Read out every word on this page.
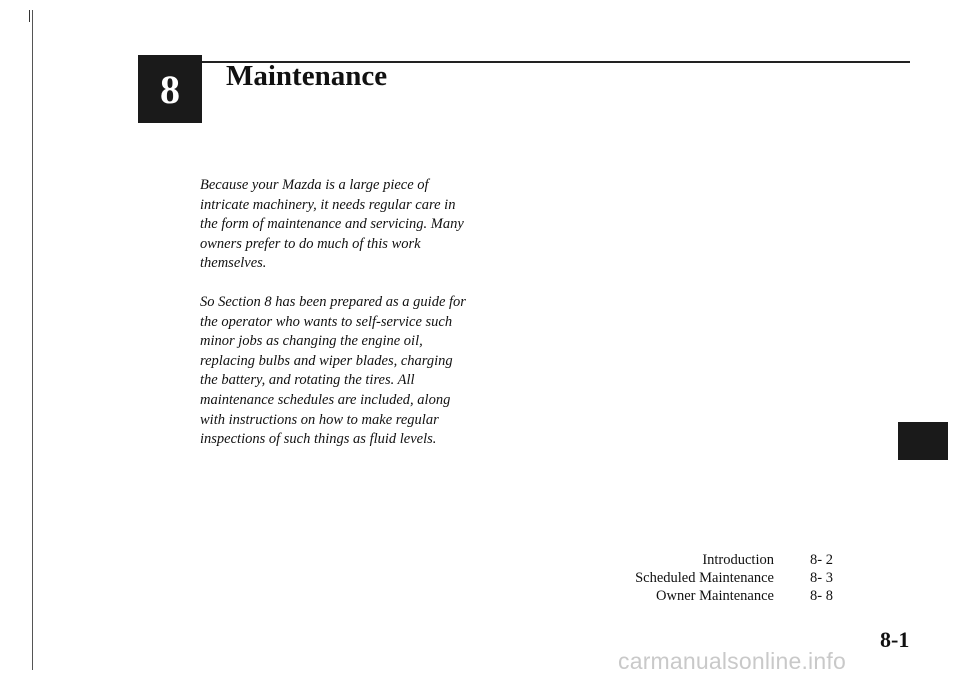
8 Maintenance

Because your Mazda is a large piece of
intricate machinery, it needs regular care in
the form of maintenance and servicing. Many
owners prefer to do much of this work
themselves.

So Section 8 has been prepared as a guide for
the operator who wants to self-service such
minor jobs as changing the engine oil,
replacing bulbs and wiper blades, charging
the battery, and rotating the tires. All
maintenance schedules are included, along
with instructions on how to make regular
inspections of such things as fluid levels.

Introduction 8- 2
Scheduled Maintenance 8- 3
Owner Maintenance 8- 8
8-1
carmanualsonline.info
